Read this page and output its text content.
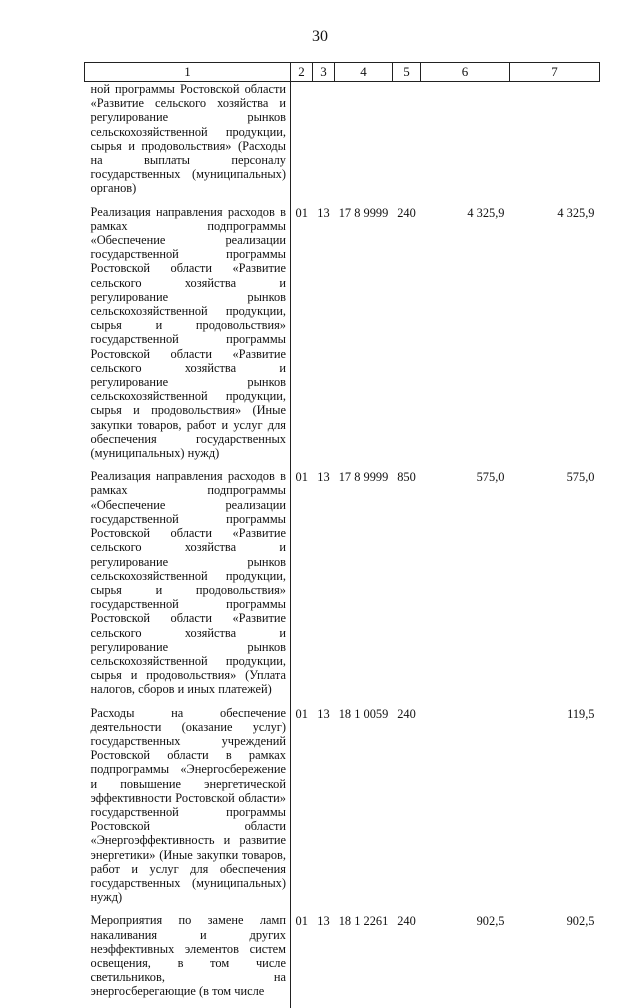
30
1	2	3	4	5	6	7
ной программы Ростовской области «Развитие сельского хозяйства и регулирование рынков сельскохозяйственной продукции, сырья и продовольствия» (Расходы на выплаты персоналу государственных (муниципальных) органов)						
Реализация направления расходов в рамках подпрограммы «Обеспечение реализации государственной программы Ростовской области «Развитие сельского хозяйства и регулирование рынков сельскохозяйственной продукции, сырья и продовольствия» государственной программы Ростовской области «Развитие сельского хозяйства и регулирование рынков сельскохозяйственной продукции, сырья и продовольствия» (Иные закупки товаров, работ и услуг для обеспечения государственных (муниципальных) нужд)	01	13	17 8 9999	240	4 325,9	4 325,9
Реализация направления расходов в рамках подпрограммы «Обеспечение реализации государственной программы Ростовской области «Развитие сельского хозяйства и регулирование рынков сельскохозяйственной продукции, сырья и продовольствия» государственной программы Ростовской области «Развитие сельского хозяйства и регулирование рынков сельскохозяйственной продукции, сырья и продовольствия» (Уплата налогов, сборов и иных платежей)	01	13	17 8 9999	850	575,0	575,0
Расходы на обеспечение деятельности (оказание услуг) государственных учреждений Ростовской области в рамках подпрограммы «Энергосбережение и повышение энергетической эффективности Ростовской области» государственной программы Ростовской области «Энергоэффективность и развитие энергетики» (Иные закупки товаров, работ и услуг для обеспечения государственных (муниципальных) нужд)	01	13	18 1 0059	240		119,5
Мероприятия по замене ламп накаливания и других неэффективных элементов систем освещения, в том числе светильников, на энергосберегающие (в том числе	01	13	18 1 2261	240	902,5	902,5
